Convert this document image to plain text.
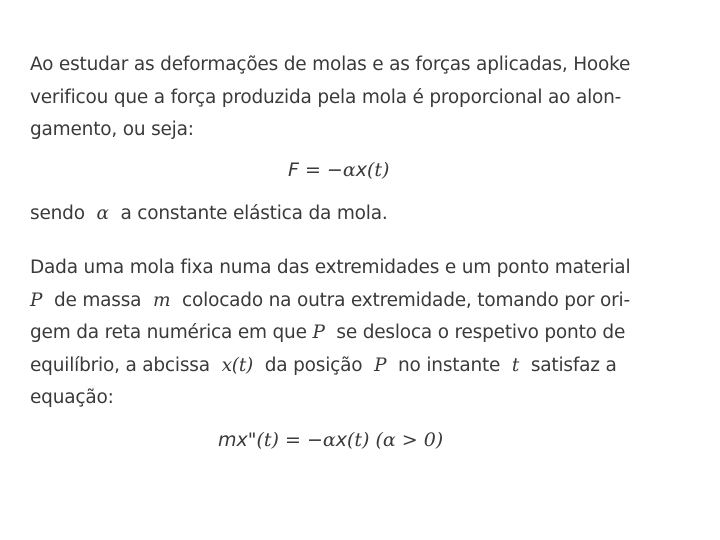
Ao estudar as deformações de molas e as forças aplicadas, Hooke
verificou que a força produzida pela mola é proporcional ao alon-
gamento, ou seja:

F = −αx(t)

sendo α a constante elástica da mola.

Dada uma mola fixa numa das extremidades e um ponto material
P de massa m colocado na outra extremidade, tomando por ori-
gem da reta numérica em que P se desloca o respetivo ponto de
equilíbrio, a abcissa x(t) da posição P no instante t satisfaz a
equação:

mx"(t) = −αx(t) (α > 0)
